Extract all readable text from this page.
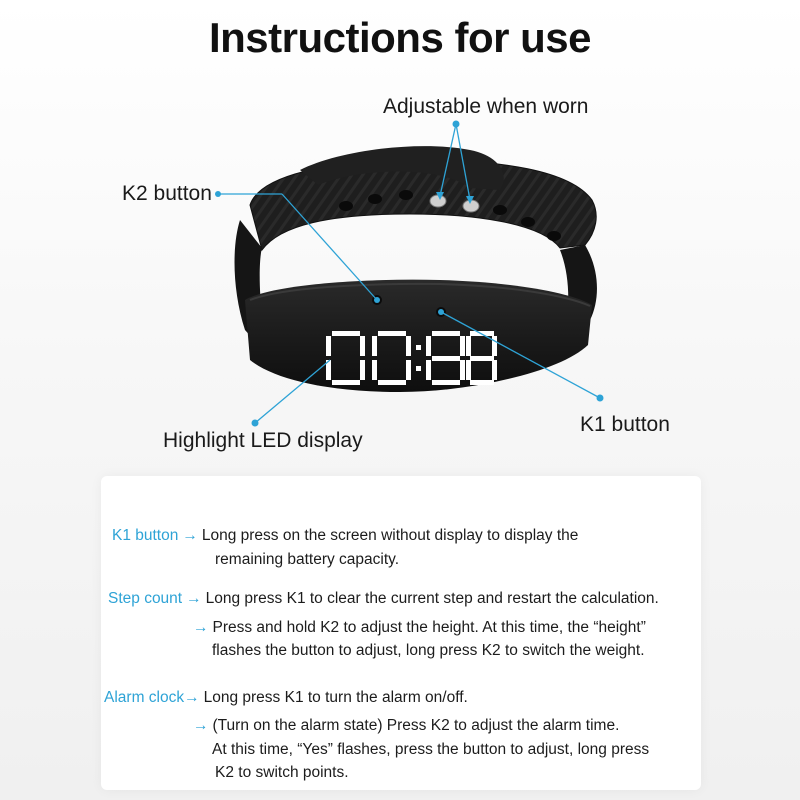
Instructions for use
Adjustable when worn
K2 button
K1 button
Highlight LED display
K1 button → Long press on the screen without display to display the
remaining battery capacity.
Step count → Long press K1 to clear the current step and restart the calculation.
→ Press and hold K2 to adjust the height. At this time, the “height”
flashes the button to adjust, long press K2 to switch the weight.
Alarm clock→ Long press K1 to turn the alarm on/off.
→ (Turn on the alarm state) Press K2 to adjust the alarm time.
At this time, “Yes” flashes, press the button to adjust, long press
K2 to switch points.
